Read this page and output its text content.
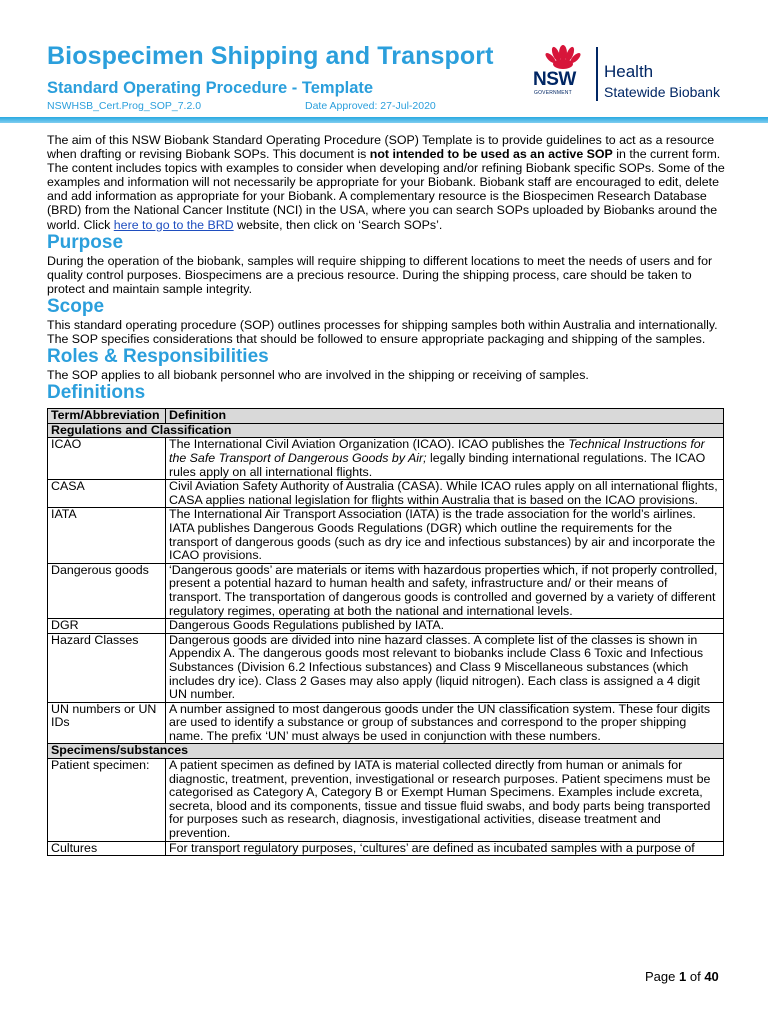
Biospecimen Shipping and Transport
Standard Operating Procedure - Template
NSWHSB_Cert.Prog_SOP_7.2.0	Date Approved: 27-Jul-2020
NSW
GOVERNMENT
Health
Statewide Biobank

The aim of this NSW Biobank Standard Operating Procedure (SOP) Template is to provide guidelines to act as a resource when drafting or revising Biobank SOPs. This document is not intended to be used as an active SOP in the current form. The content includes topics with examples to consider when developing and/or refining Biobank specific SOPs. Some of the examples and information will not necessarily be appropriate for your Biobank. Biobank staff are encouraged to edit, delete and add information as appropriate for your Biobank. A complementary resource is the Biospecimen Research Database (BRD) from the National Cancer Institute (NCI) in the USA, where you can search SOPs uploaded by Biobanks around the world. Click here to go to the BRD website, then click on ‘Search SOPs’.

Purpose

During the operation of the biobank, samples will require shipping to different locations to meet the needs of users and for quality control purposes. Biospecimens are a precious resource. During the shipping process, care should be taken to protect and maintain sample integrity.

Scope

This standard operating procedure (SOP) outlines processes for shipping samples both within Australia and internationally. The SOP specifies considerations that should be followed to ensure appropriate packaging and shipping of the samples.

Roles & Responsibilities

The SOP applies to all biobank personnel who are involved in the shipping or receiving of samples.

Definitions
Term/Abbreviation	Definition
Regulations and Classification	
ICAO	The International Civil Aviation Organization (ICAO). ICAO publishes the Technical Instructions for the Safe Transport of Dangerous Goods by Air; legally binding international regulations. The ICAO rules apply on all international flights.
CASA	Civil Aviation Safety Authority of Australia (CASA). While ICAO rules apply on all international flights, CASA applies national legislation for flights within Australia that is based on the ICAO provisions.
IATA	The International Air Transport Association (IATA) is the trade association for the world’s airlines. IATA publishes Dangerous Goods Regulations (DGR) which outline the requirements for the transport of dangerous goods (such as dry ice and infectious substances) by air and incorporate the ICAO provisions.
Dangerous goods	‘Dangerous goods’ are materials or items with hazardous properties which, if not properly controlled, present a potential hazard to human health and safety, infrastructure and/ or their means of transport. The transportation of dangerous goods is controlled and governed by a variety of different regulatory regimes, operating at both the national and international levels.
DGR	Dangerous Goods Regulations published by IATA.
Hazard Classes	Dangerous goods are divided into nine hazard classes. A complete list of the classes is shown in Appendix A. The dangerous goods most relevant to biobanks include Class 6 Toxic and Infectious Substances (Division 6.2 Infectious substances) and Class 9 Miscellaneous substances (which includes dry ice). Class 2 Gases may also apply (liquid nitrogen). Each class is assigned a 4 digit UN number.
UN numbers or UN IDs	A number assigned to most dangerous goods under the UN classification system. These four digits are used to identify a substance or group of substances and correspond to the proper shipping name. The prefix ‘UN’ must always be used in conjunction with these numbers.
Specimens/substances	
Patient specimen:	A patient specimen as defined by IATA is material collected directly from human or animals for diagnostic, treatment, prevention, investigational or research purposes. Patient specimens must be categorised as Category A, Category B or Exempt Human Specimens. Examples include excreta, secreta, blood and its components, tissue and tissue fluid swabs, and body parts being transported for purposes such as research, diagnosis, investigational activities, disease treatment and prevention.
Cultures	For transport regulatory purposes, ‘cultures’ are defined as incubated samples with a purpose of
Page 1 of 40
